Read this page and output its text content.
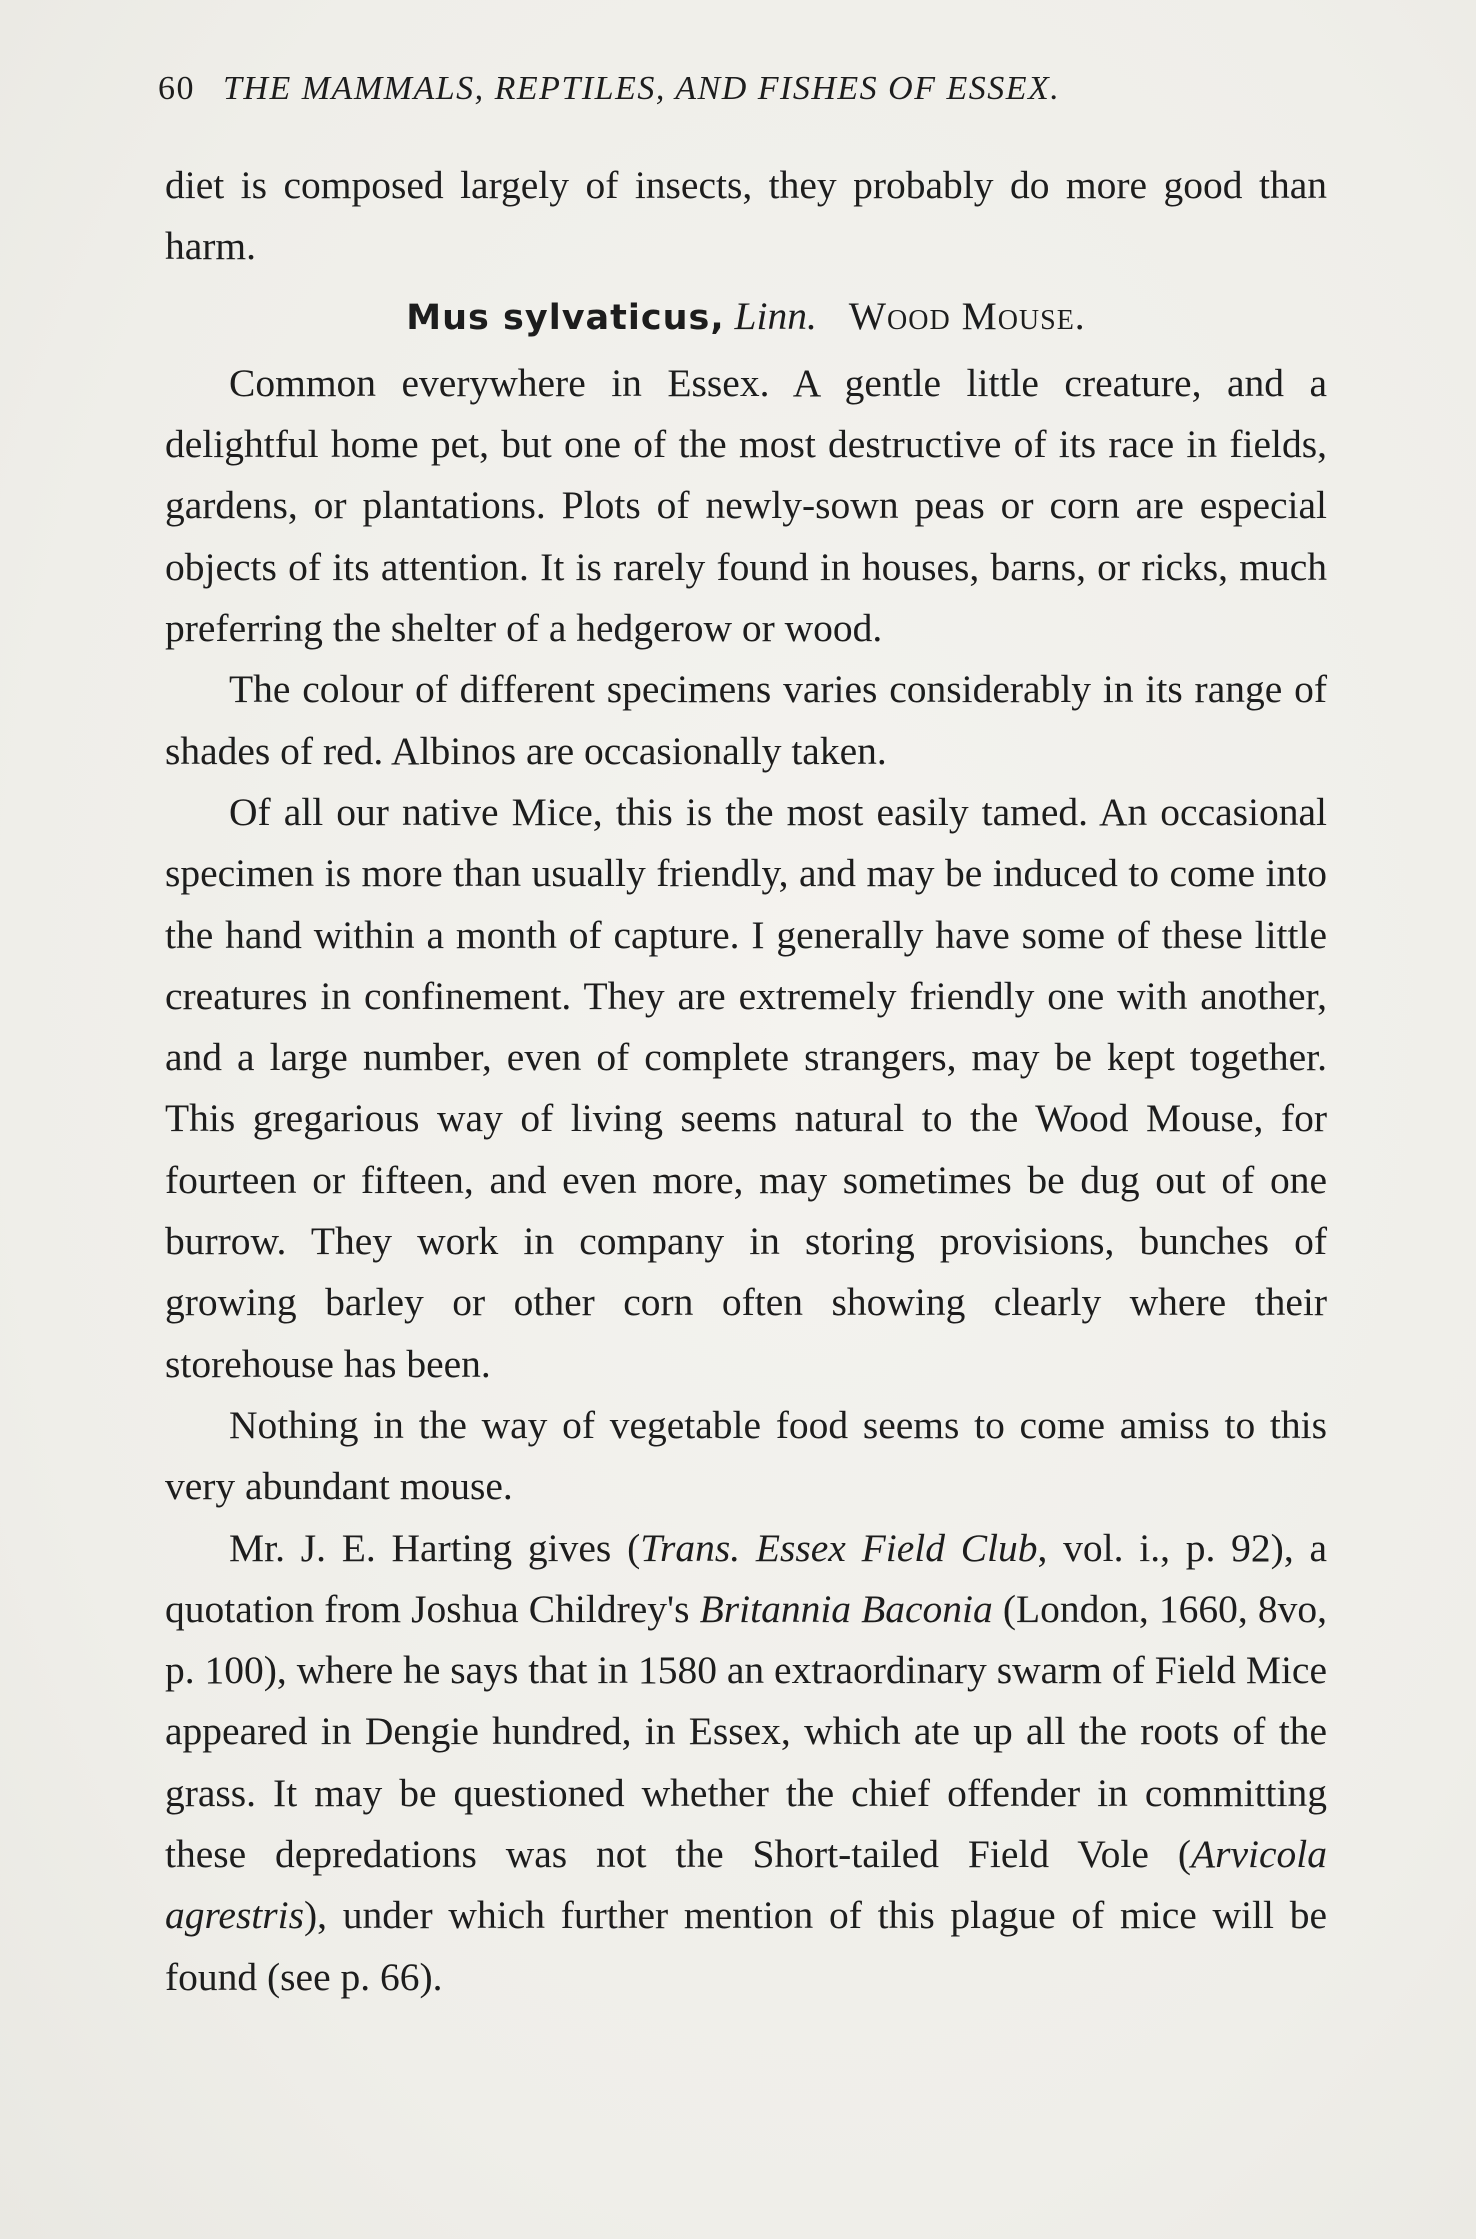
60 THE MAMMALS, REPTILES, AND FISHES OF ESSEX.

diet is composed largely of insects, they probably do more good than harm.

Mus sylvaticus, Linn. Wood Mouse.

Common everywhere in Essex. A gentle little creature, and a delightful home pet, but one of the most destructive of its race in fields, gardens, or plantations. Plots of newly-sown peas or corn are especial objects of its attention. It is rarely found in houses, barns, or ricks, much preferring the shelter of a hedgerow or wood.

The colour of different specimens varies considerably in its range of shades of red. Albinos are occasionally taken.

Of all our native Mice, this is the most easily tamed. An occasional specimen is more than usually friendly, and may be induced to come into the hand within a month of capture. I generally have some of these little creatures in confinement. They are extremely friendly one with another, and a large number, even of complete strangers, may be kept together. This gregarious way of living seems natural to the Wood Mouse, for fourteen or fifteen, and even more, may sometimes be dug out of one burrow. They work in company in storing provisions, bunches of growing barley or other corn often showing clearly where their storehouse has been.

Nothing in the way of vegetable food seems to come amiss to this very abundant mouse.

Mr. J. E. Harting gives (Trans. Essex Field Club, vol. i., p. 92), a quotation from Joshua Childrey's Britannia Baconia (London, 1660, 8vo, p. 100), where he says that in 1580 an extraordinary swarm of Field Mice appeared in Dengie hundred, in Essex, which ate up all the roots of the grass. It may be questioned whether the chief offender in committing these depredations was not the Short-tailed Field Vole (Arvicola agrestris), under which further mention of this plague of mice will be found (see p. 66).
